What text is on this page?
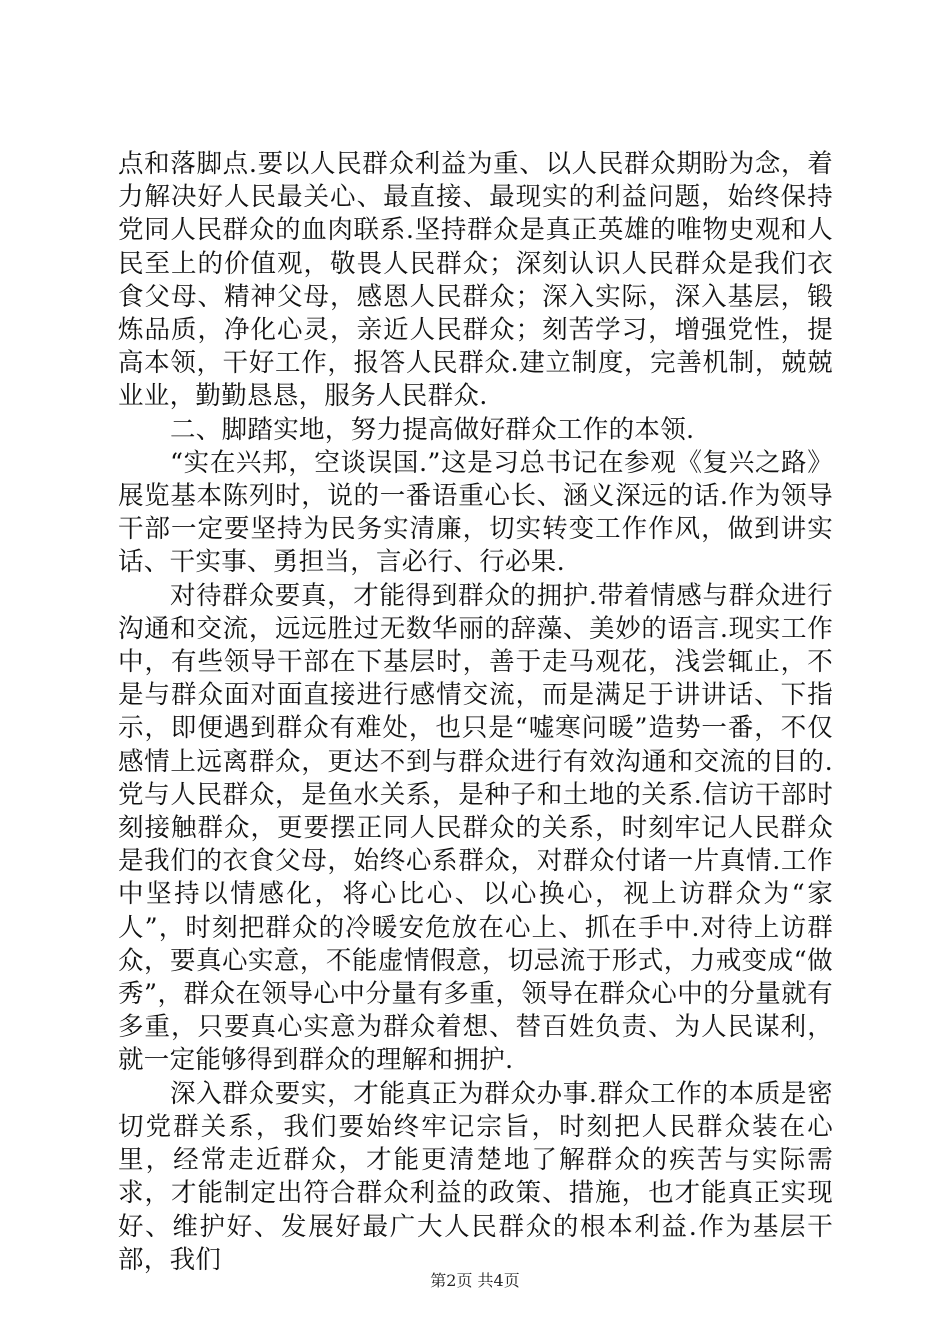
点和落脚点.要以人民群众利益为重、以人民群众期盼为念，着力解决好人民最关心、最直接、最现实的利益问题，始终保持党同人民群众的血肉联系.坚持群众是真正英雄的唯物史观和人民至上的价值观，敬畏人民群众；深刻认识人民群众是我们衣食父母、精神父母，感恩人民群众；深入实际，深入基层，锻炼品质，净化心灵，亲近人民群众；刻苦学习，增强党性，提高本领，干好工作，报答人民群众.建立制度，完善机制，兢兢业业，勤勤恳恳，服务人民群众.

二、脚踏实地，努力提高做好群众工作的本领.

“实在兴邦，空谈误国.”这是习总书记在参观《复兴之路》展览基本陈列时，说的一番语重心长、涵义深远的话.作为领导干部一定要坚持为民务实清廉，切实转变工作作风，做到讲实话、干实事、勇担当，言必行、行必果.

对待群众要真，才能得到群众的拥护.带着情感与群众进行沟通和交流，远远胜过无数华丽的辞藻、美妙的语言.现实工作中，有些领导干部在下基层时，善于走马观花，浅尝辄止，不是与群众面对面直接进行感情交流，而是满足于讲讲话、下指示，即便遇到群众有难处，也只是“嘘寒问暖”造势一番，不仅感情上远离群众，更达不到与群众进行有效沟通和交流的目的.党与人民群众，是鱼水关系，是种子和土地的关系.信访干部时刻接触群众，更要摆正同人民群众的关系，时刻牢记人民群众是我们的衣食父母，始终心系群众，对群众付诸一片真情.工作中坚持以情感化，将心比心、以心换心，视上访群众为“家人”，时刻把群众的冷暖安危放在心上、抓在手中.对待上访群众，要真心实意，不能虚情假意，切忌流于形式，力戒变成“做秀”，群众在领导心中分量有多重，领导在群众心中的分量就有多重，只要真心实意为群众着想、替百姓负责、为人民谋利，就一定能够得到群众的理解和拥护.

深入群众要实，才能真正为群众办事.群众工作的本质是密切党群关系，我们要始终牢记宗旨，时刻把人民群众装在心里，经常走近群众，才能更清楚地了解群众的疾苦与实际需求，才能制定出符合群众利益的政策、措施，也才能真正实现好、维护好、发展好最广大人民群众的根本利益.作为基层干部，我们

第2页 共4页
